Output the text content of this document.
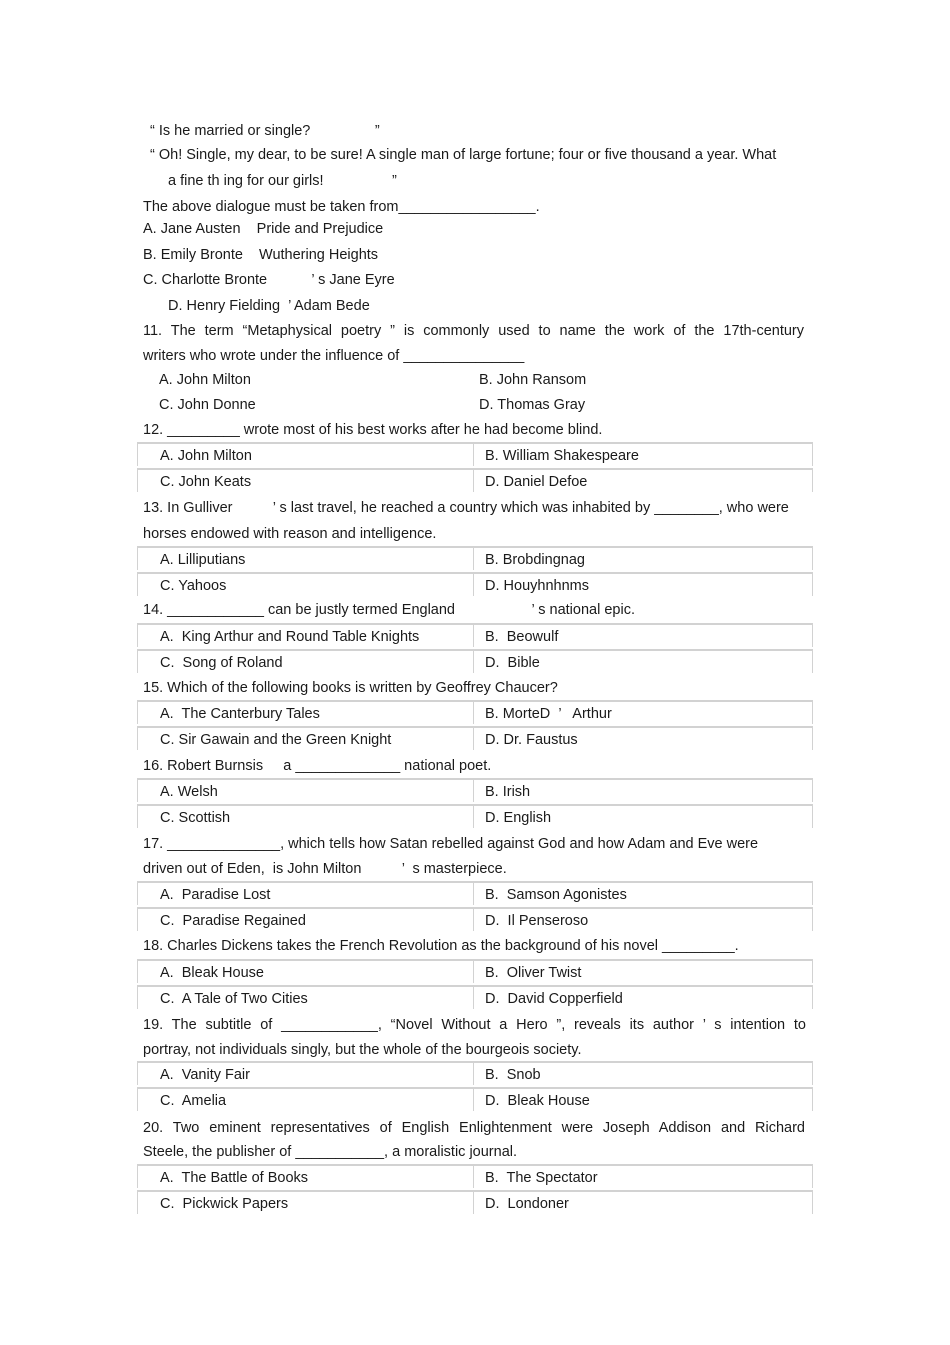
“ Is he married or single?                ”
“ Oh! Single, my dear, to be sure! A single man of large fortune; four or five thousand a year. What
a fine th ing for our girls!                 ”
The above dialogue must be taken from_________________.
A. Jane Austen    Pride and Prejudice
B. Emily Bronte    Wuthering Heights
C. Charlotte Bronte           ’ s Jane Eyre
D. Henry Fielding  ’ Adam Bede
11. The term “Metaphysical poetry ” is commonly used to name the work of the 17th-century
writers who wrote under the influence of _______________
A. John Milton	B. John Ransom
C. John Donne	D. Thomas Gray
12. _________ wrote most of his best works after he had become blind.
A. John Milton	B. William Shakespeare
C. John Keats	D. Daniel Defoe
13. In Gulliver          ’ s last travel, he reached a country which was inhabited by ________, who were
horses endowed with reason and intelligence.
A. Lilliputians	B. Brobdingnag
C. Yahoos	D. Houyhnhnms
14. ____________ can be justly termed England                   ’ s national epic.
A.  King Arthur and Round Table Knights	B.  Beowulf
C.  Song of Roland	D.  Bible
15. Which of the following books is written by Geoffrey Chaucer?
A.  The Canterbury Tales	B. MorteD  ’   Arthur
C. Sir Gawain and the Green Knight	D. Dr. Faustus
16. Robert Burnsis     a _____________ national poet.
A. Welsh	B. Irish
C. Scottish	D. English
17. ______________, which tells how Satan rebelled against God and how Adam and Eve were
driven out of Eden,  is John Milton          ’  s masterpiece.
A.  Paradise Lost	B.  Samson Agonistes
C.  Paradise Regained	D.  Il Penseroso
18. Charles Dickens takes the French Revolution as the background of his novel _________.
A.  Bleak House	B.  Oliver Twist
C.  A Tale of Two Cities	D.  David Copperfield
19. The subtitle of ____________, “Novel Without a Hero ”, reveals its author ’ s intention to
portray, not individuals singly, but the whole of the bourgeois society.
A.  Vanity Fair	B.  Snob
C.  Amelia	D.  Bleak House
20. Two eminent representatives of English Enlightenment were Joseph Addison and Richard
Steele, the publisher of ___________, a moralistic journal.
A.  The Battle of Books	B.  The Spectator
C.  Pickwick Papers	D.  Londoner
